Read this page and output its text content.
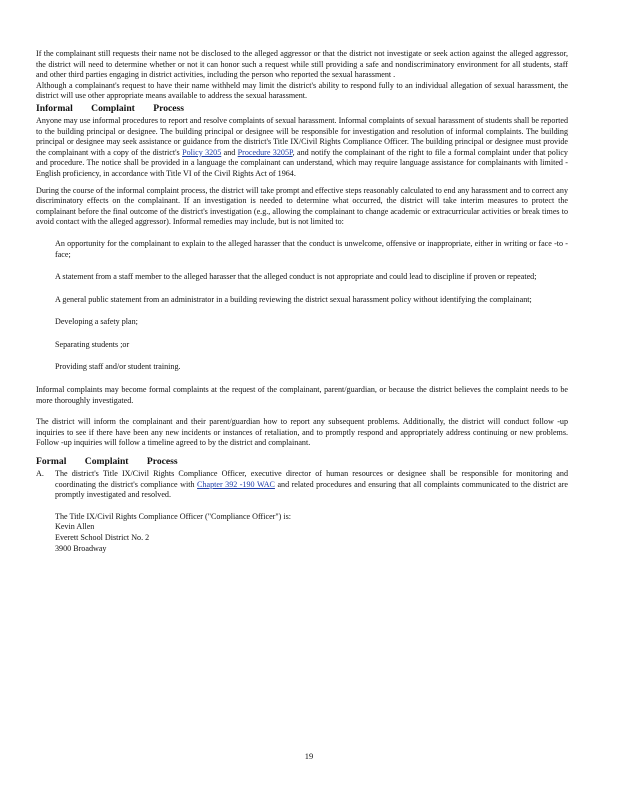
If the complainant still requests their name not be disclosed to the alleged aggressor or that the district not investigate or seek action against the alleged aggressor, the district will need to determine whether or not it can honor such a request while still providing a safe and nondiscriminatory environment for all students, staff and other third parties engaging in district activities, including the person who reported the sexual harassment .

Although a complainant's request to have their name withheld may limit the district's ability to respond fully to an individual allegation of sexual harassment, the district will use other appropriate means available to address the sexual harassment.

Informal Complaint Process

Anyone may use informal procedures to report and resolve complaints of sexual harassment. Informal complaints of sexual harassment of students shall be reported to the building principal or designee. The building principal or designee will be responsible for investigation and resolution of informal complaints. The building principal or designee may seek assistance or guidance from the district's Title IX/Civil Rights Compliance Officer. The building principal or designee must provide the complainant with a copy of the district's Policy 3205 and Procedure 3205P, and notify the complainant of the right to file a formal complaint under that policy and procedure. The notice shall be provided in a language the complainant can understand, which may require language assistance for complainants with limited -English proficiency, in accordance with Title VI of the Civil Rights Act of 1964.

During the course of the informal complaint process, the district will take prompt and effective steps reasonably calculated to end any harassment and to correct any discriminatory effects on the complainant. If an investigation is needed to determine what occurred, the district will take interim measures to protect the complainant before the final outcome of the district's investigation (e.g., allowing the complainant to change academic or extracurricular activities or break times to avoid contact with the alleged aggressor). Informal remedies may include, but is not limited to:

An opportunity for the complainant to explain to the alleged harasser that the conduct is unwelcome, offensive or inappropriate, either in writing or face -to -face;
A statement from a staff member to the alleged harasser that the alleged conduct is not appropriate and could lead to discipline if proven or repeated;
A general public statement from an administrator in a building reviewing the district sexual harassment policy without identifying the complainant;
Developing a safety plan;
Separating students ;or
Providing staff and/or student training.

Informal complaints may become formal complaints at the request of the complainant, parent/guardian, or because the district believes the complaint needs to be more thoroughly investigated.

The district will inform the complainant and their parent/guardian how to report any subsequent problems. Additionally, the district will conduct follow -up inquiries to see if there have been any new incidents or instances of retaliation, and to promptly respond and appropriately address continuing or new problems. Follow -up inquiries will follow a timeline agreed to by the district and complainant.

Formal Complaint Process

A. The district's Title IX/Civil Rights Compliance Officer, executive director of human resources or designee shall be responsible for monitoring and coordinating the district's compliance with Chapter 392 -190 WAC and related procedures and ensuring that all complaints communicated to the district are promptly investigated and resolved.

The Title IX/Civil Rights Compliance Officer ("Compliance Officer") is:

Kevin Allen
Everett School District No. 2
3900 Broadway
19
